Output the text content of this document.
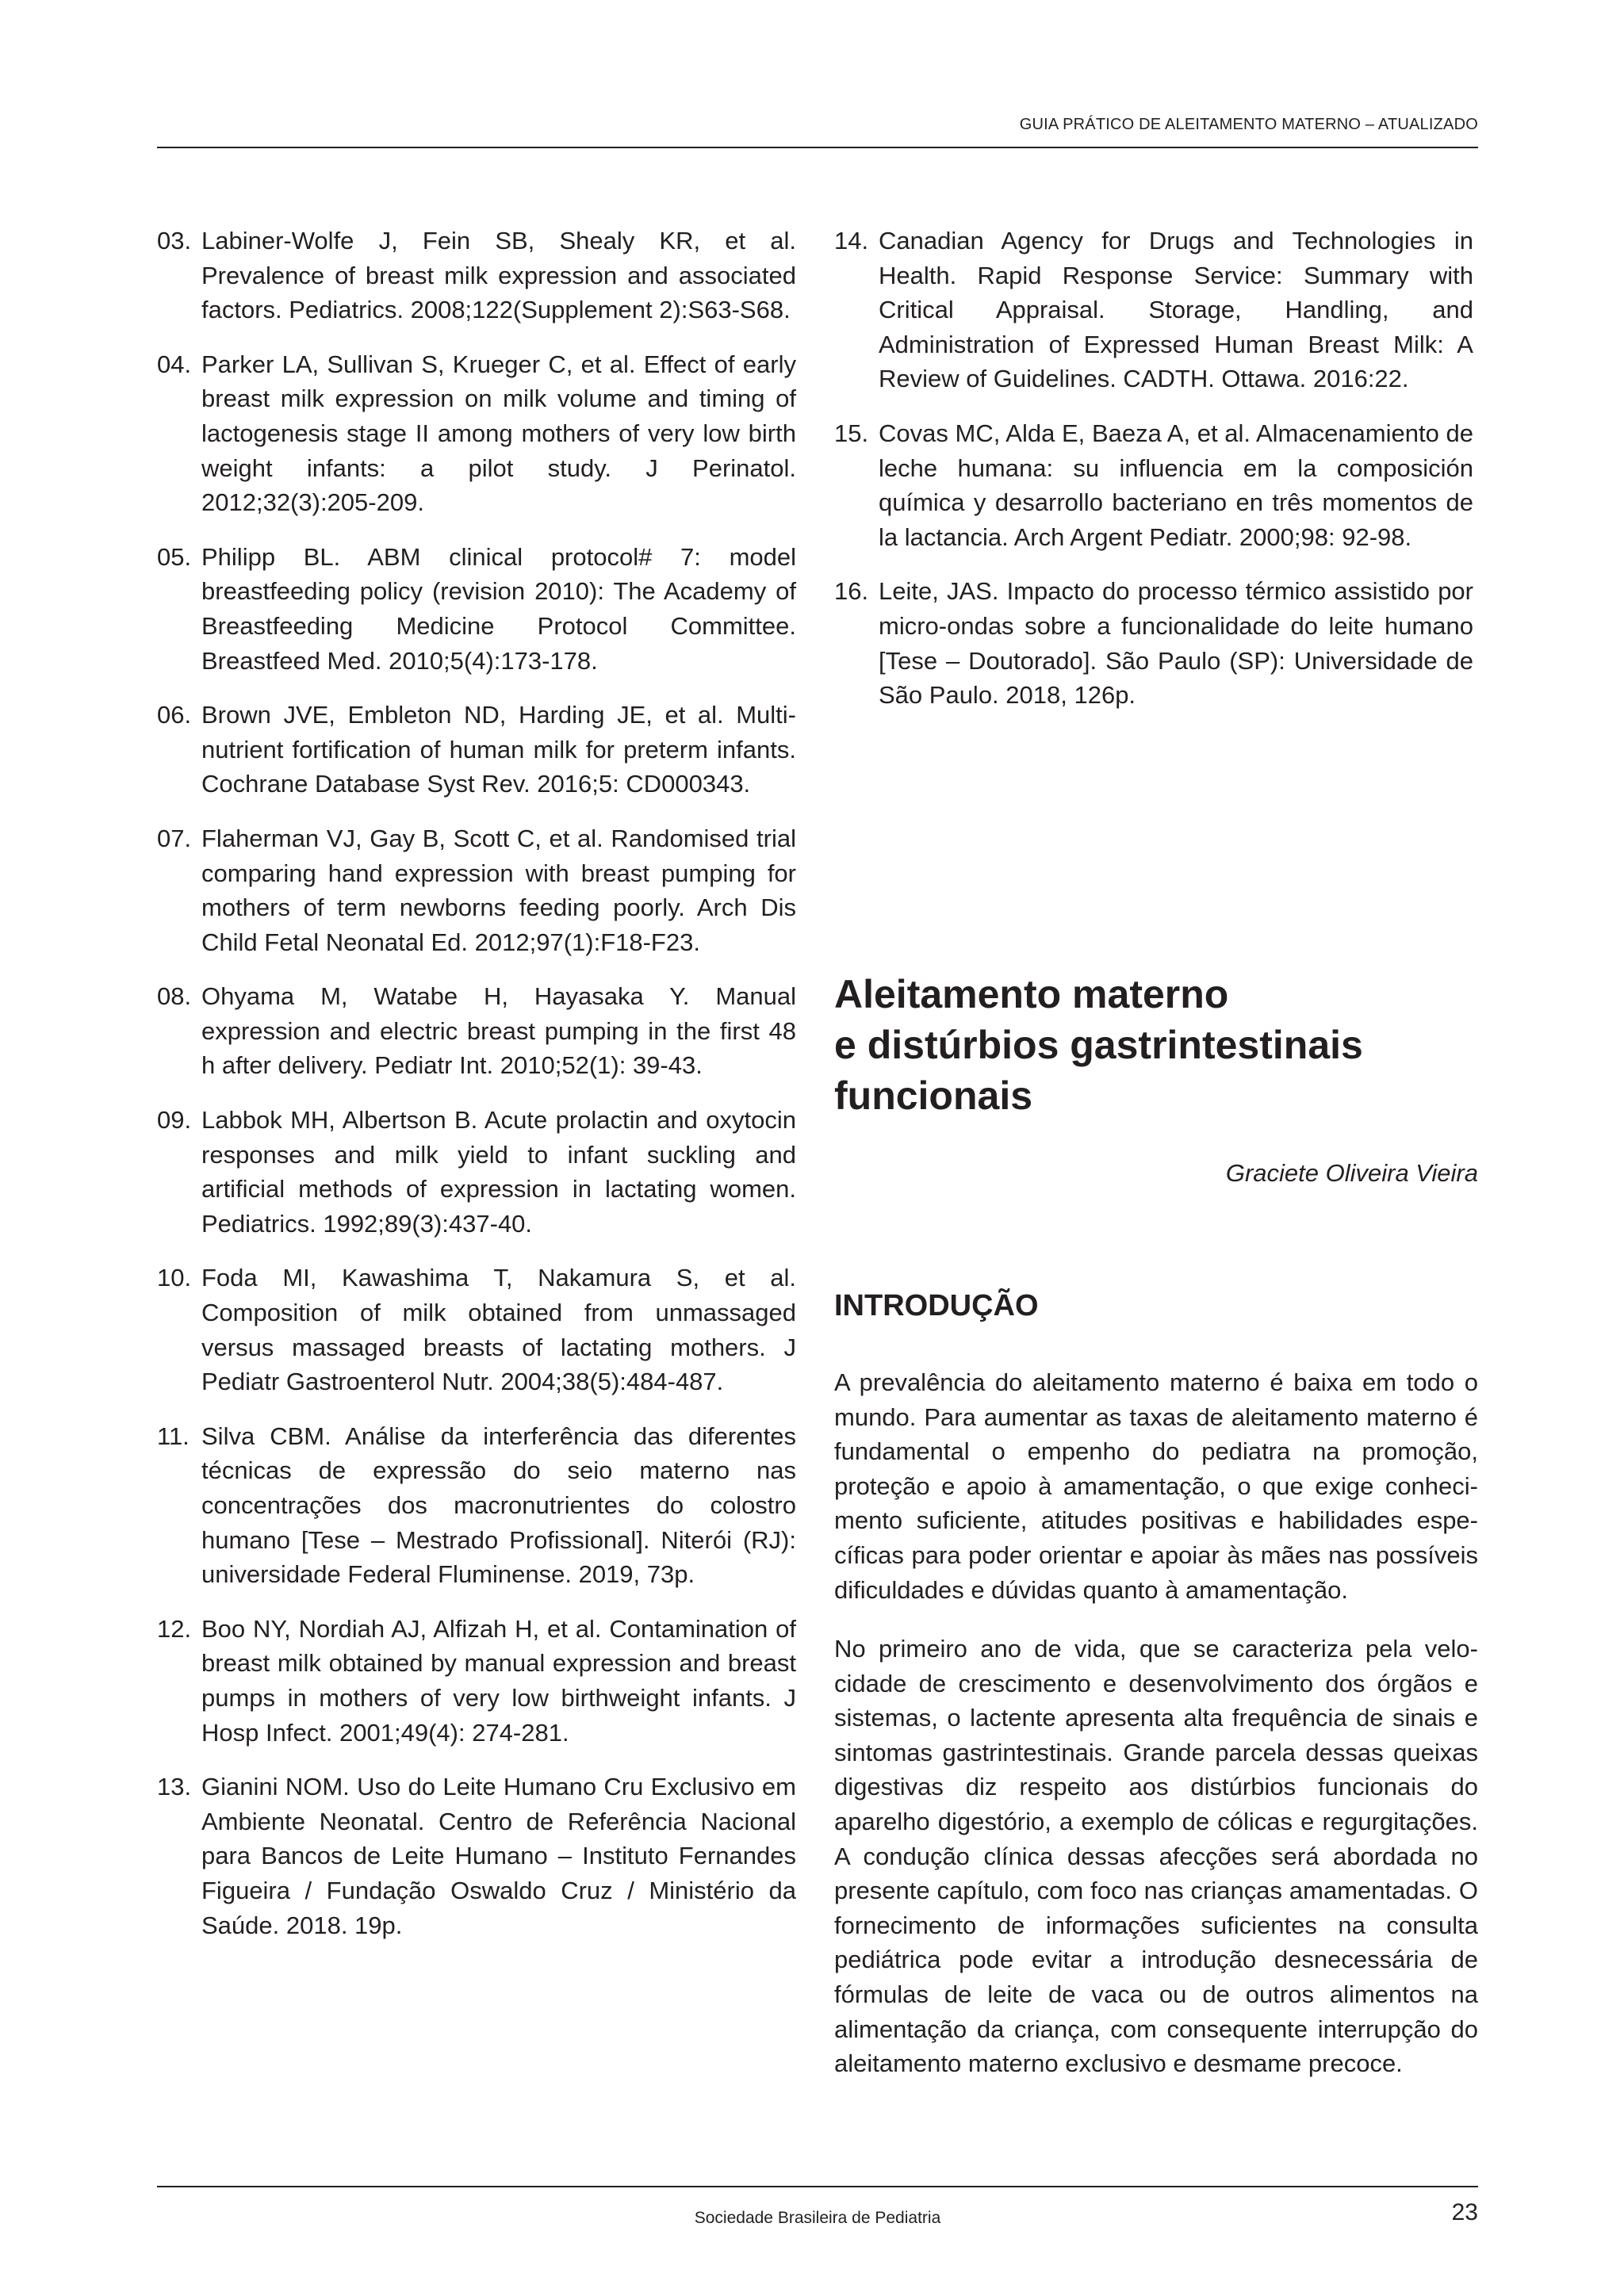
GUIA PRÁTICO DE ALEITAMENTO MATERNO – ATUALIZADO
03. Labiner-Wolfe J, Fein SB, Shealy KR, et al. Prevalence of breast milk expression and associated factors. Pediatrics. 2008;122(Supplement 2):S63-S68.
04. Parker LA, Sullivan S, Krueger C, et al. Effect of early breast milk expression on milk volume and timing of lactogenesis stage II among mothers of very low birth weight infants: a pilot study. J Perinatol. 2012;32(3):205-209.
05. Philipp BL. ABM clinical protocol# 7: model breastfeeding policy (revision 2010): The Academy of Breastfeeding Medicine Protocol Committee. Breastfeed Med. 2010;5(4):173-178.
06. Brown JVE, Embleton ND, Harding JE, et al. Multi-nutrient fortification of human milk for preterm infants. Cochrane Database Syst Rev. 2016;5: CD000343.
07. Flaherman VJ, Gay B, Scott C, et al. Randomised trial comparing hand expression with breast pumping for mothers of term newborns feeding poorly. Arch Dis Child Fetal Neonatal Ed. 2012;97(1):F18-F23.
08. Ohyama M, Watabe H, Hayasaka Y. Manual expression and electric breast pumping in the first 48 h after delivery. Pediatr Int. 2010;52(1): 39-43.
09. Labbok MH, Albertson B. Acute prolactin and oxytocin responses and milk yield to infant suckling and artificial methods of expression in lactating women. Pediatrics. 1992;89(3):437-40.
10. Foda MI, Kawashima T, Nakamura S, et al. Composition of milk obtained from unmassaged versus massaged breasts of lactating mothers. J Pediatr Gastroenterol Nutr. 2004;38(5):484-487.
11. Silva CBM. Análise da interferência das diferentes técnicas de expressão do seio materno nas concentrações dos macronutrientes do colostro humano [Tese – Mestrado Profissional]. Niterói (RJ): universidade Federal Fluminense. 2019, 73p.
12. Boo NY, Nordiah AJ, Alfizah H, et al. Contamination of breast milk obtained by manual expression and breast pumps in mothers of very low birthweight infants. J Hosp Infect. 2001;49(4): 274-281.
13. Gianini NOM. Uso do Leite Humano Cru Exclusivo em Ambiente Neonatal. Centro de Referência Nacional para Bancos de Leite Humano – Instituto Fernandes Figueira / Fundação Oswaldo Cruz / Ministério da Saúde. 2018. 19p.
14. Canadian Agency for Drugs and Technologies in Health. Rapid Response Service: Summary with Critical Appraisal. Storage, Handling, and Administration of Expressed Human Breast Milk: A Review of Guidelines. CADTH. Ottawa. 2016:22.
15. Covas MC, Alda E, Baeza A, et al. Almacenamiento de leche humana: su influencia em la composición química y desarrollo bacteriano en três momentos de la lactancia. Arch Argent Pediatr. 2000;98: 92-98.
16. Leite, JAS. Impacto do processo térmico assistido por micro-ondas sobre a funcionalidade do leite humano [Tese – Doutorado]. São Paulo (SP): Universidade de São Paulo. 2018, 126p.
Aleitamento materno
e distúrbios gastrintestinais
funcionais
Graciete Oliveira Vieira
INTRODUÇÃO

A prevalência do aleitamento materno é baixa em todo o mundo. Para aumentar as taxas de aleitamento materno é fundamental o empenho do pediatra na promoção, proteção e apoio à amamentação, o que exige conhecimento suficiente, atitudes positivas e habilidades específicas para poder orientar e apoiar às mães nas possíveis dificuldades e dúvidas quanto à amamentação.

No primeiro ano de vida, que se caracteriza pela velocidade de crescimento e desenvolvimento dos órgãos e sistemas, o lactente apresenta alta frequência de sinais e sintomas gastrintestinais. Grande parcela dessas queixas digestivas diz respeito aos distúrbios funcionais do aparelho digestório, a exemplo de cólicas e regurgitações. A condução clínica dessas afecções será abordada no presente capítulo, com foco nas crianças amamentadas. O fornecimento de informações suficientes na consulta pediátrica pode evitar a introdução desnecessária de fórmulas de leite de vaca ou de outros alimentos na alimentação da criança, com consequente interrupção do aleitamento materno exclusivo e desmame precoce.

Sociedade Brasileira de Pediatria	23
